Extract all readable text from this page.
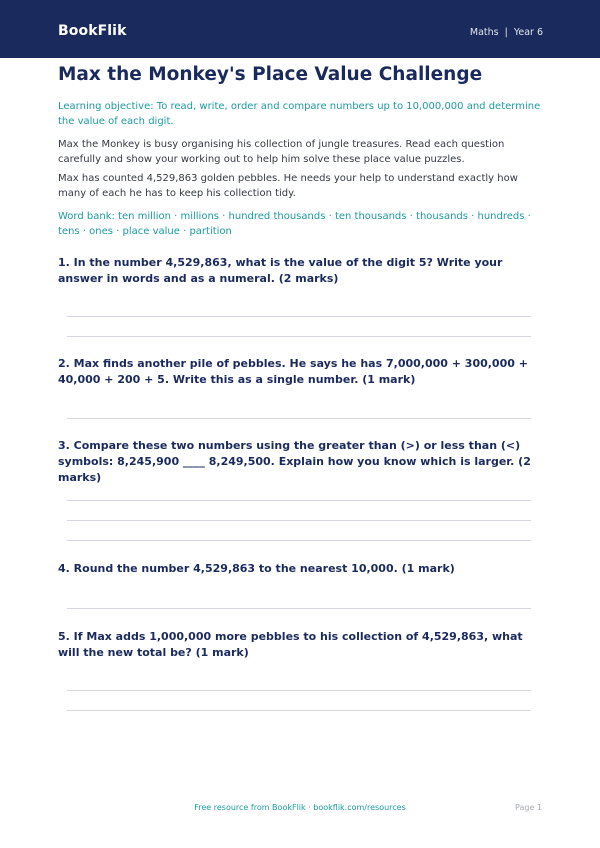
BookFlik	Maths | Year 6
Max the Monkey's Place Value Challenge
Learning objective: To read, write, order and compare numbers up to 10,000,000 and determine the value of each digit.
Max the Monkey is busy organising his collection of jungle treasures. Read each question carefully and show your working out to help him solve these place value puzzles.
Max has counted 4,529,863 golden pebbles. He needs your help to understand exactly how many of each he has to keep his collection tidy.
Word bank: ten million · millions · hundred thousands · ten thousands · thousands · hundreds · tens · ones · place value · partition
1. In the number 4,529,863, what is the value of the digit 5? Write your answer in words and as a numeral. (2 marks)
2. Max finds another pile of pebbles. He says he has 7,000,000 + 300,000 + 40,000 + 200 + 5. Write this as a single number. (1 mark)
3. Compare these two numbers using the greater than (>) or less than (<) symbols: 8,245,900 ____ 8,249,500. Explain how you know which is larger. (2 marks)
4. Round the number 4,529,863 to the nearest 10,000. (1 mark)
5. If Max adds 1,000,000 more pebbles to his collection of 4,529,863, what will the new total be? (1 mark)
Free resource from BookFlik · bookflik.com/resources	Page 1
